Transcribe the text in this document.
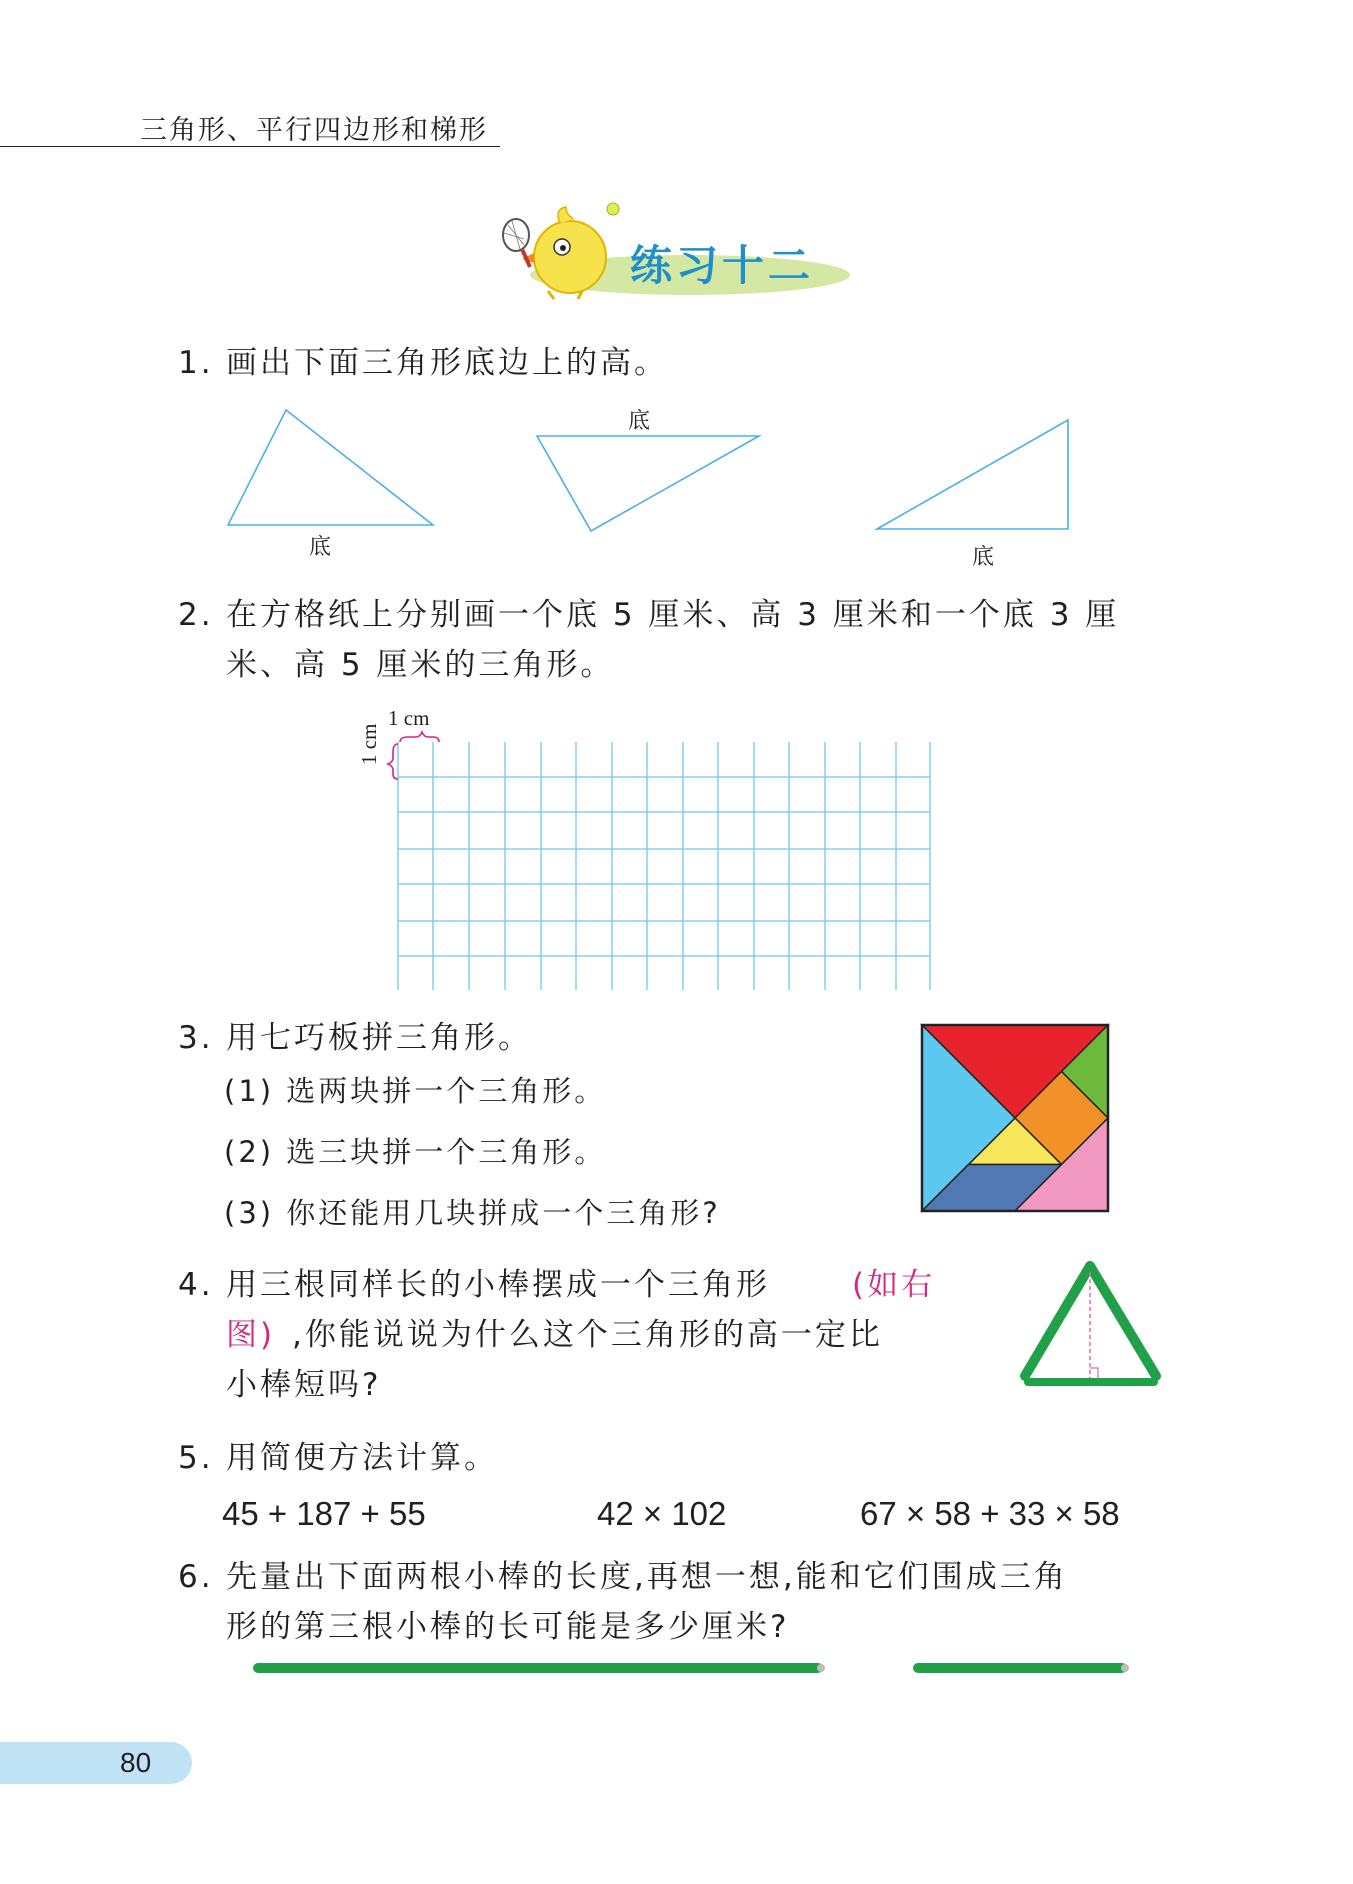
三角形、平行四边形和梯形
练习十二
1. 画出下面三角形底边上的高。
底
底
底
2. 在方格纸上分别画一个底 5 厘米、高 3 厘米和一个底 3 厘
米、高 5 厘米的三角形。
1 cm
1 cm
3. 用七巧板拼三角形。
(1) 选两块拼一个三角形。
(2) 选三块拼一个三角形。
(3) 你还能用几块拼成一个三角形?
4. 用三根同样长的小棒摆成一个三角形	(如右
图) ,你能说说为什么这个三角形的高一定比
小棒短吗?
5. 用简便方法计算。
45 + 187 + 55	42 × 102	67 × 58 + 33 × 58
6. 先量出下面两根小棒的长度,再想一想,能和它们围成三角
形的第三根小棒的长可能是多少厘米?
80
